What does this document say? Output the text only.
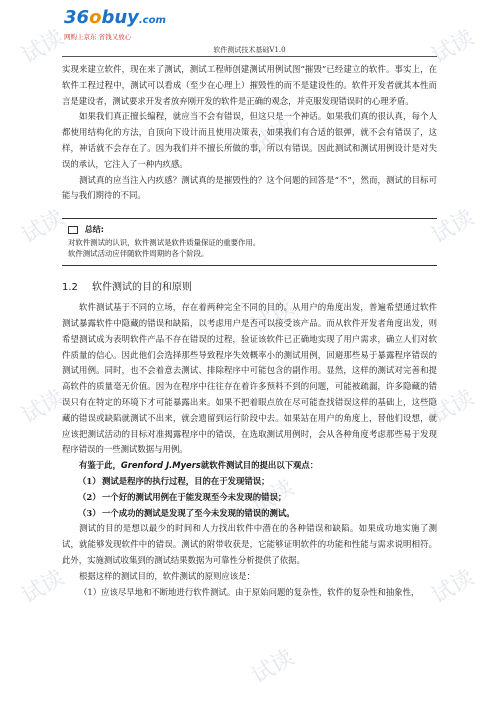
试读	试读
试读
试读	试读
试读
试读	试读
试读
试读	试读
试读
36obuy.com
网购上京东 省钱又放心
软件测试技术基础V1.0

实现来建立软件，现在来了测试，测试工程师创建测试用例试图“摧毁”已经建立的软件。事实上，在软件工程过程中，测试可以看成（至少在心理上）摧毁性的而不是建设性的。软件开发者就其本性而言是建设者，测试要求开发者放弃刚开发的软件是正确的观念，并克服发现错误时的心理矛盾。

如果我们真正擅长编程，就应当不会有错误，但这只是一个神话。如果我们真的很认真，每个人都使用结构化的方法，自顶向下设计而且使用决策表，如果我们有合适的银弹，就不会有错误了，这样，神话就不会存在了。因为我们并不擅长所做的事，所以有错误。因此测试和测试用例设计是对失误的承认，它注入了一种内疚感。

测试真的应当注入内疚感？测试真的是摧毁性的？这个问题的回答是“不”，然而，测试的目标可能与我们期待的不同。

总结:
对软件测试的认识，软件测试是软件质量保证的重要作用。
软件测试活动应伴随软件周期的各个阶段。
1.2 软件测试的目的和原则

软件测试基于不同的立场，存在着两种完全不同的目的。从用户的角度出发，普遍希望通过软件测试暴露软件中隐藏的错误和缺陷，以考虑用户是否可以接受该产品。而从软件开发者角度出发，则希望测试成为表明软件产品不存在错误的过程，验证该软件已正确地实现了用户需求，确立人们对软件质量的信心。因此他们会选择那些导致程序失效概率小的测试用例，回避那些易于暴露程序错误的测试用例。同时，也不会着意去测试、排除程序中可能包含的副作用。显然，这样的测试对完善和提高软件的质量毫无价值。因为在程序中往往存在着许多预料不到的问题，可能被疏漏，许多隐藏的错误只有在特定的环境下才可能暴露出来。如果不把着眼点放在尽可能查找错误这样的基础上，这些隐藏的错误或缺陷就测试不出来，就会遗留到运行阶段中去。如果站在用户的角度上，替他们设想，就应该把测试活动的目标对准揭露程序中的错误，在选取测试用例时，会从各种角度考虑那些易于发现程序错误的一些测试数据与用例。

有鉴于此，Grenford J.Myers就软件测试目的提出以下观点：

（1）测试是程序的执行过程，目的在于发现错误；
（2）一个好的测试用例在于能发现至今未发现的错误；
（3）一个成功的测试是发现了至今未发现的错误的测试。

测试的目的是想以最少的时间和人力找出软件中潜在的各种错误和缺陷。如果成功地实施了测试，就能够发现软件中的错误。测试的附带收获是，它能够证明软件的功能和性能与需求说明相符。此外，实施测试收集到的测试结果数据为可靠性分析提供了依据。

根据这样的测试目的，软件测试的原则应该是：

（1）应该尽早地和不断地进行软件测试。由于原始问题的复杂性，软件的复杂性和抽象性，
